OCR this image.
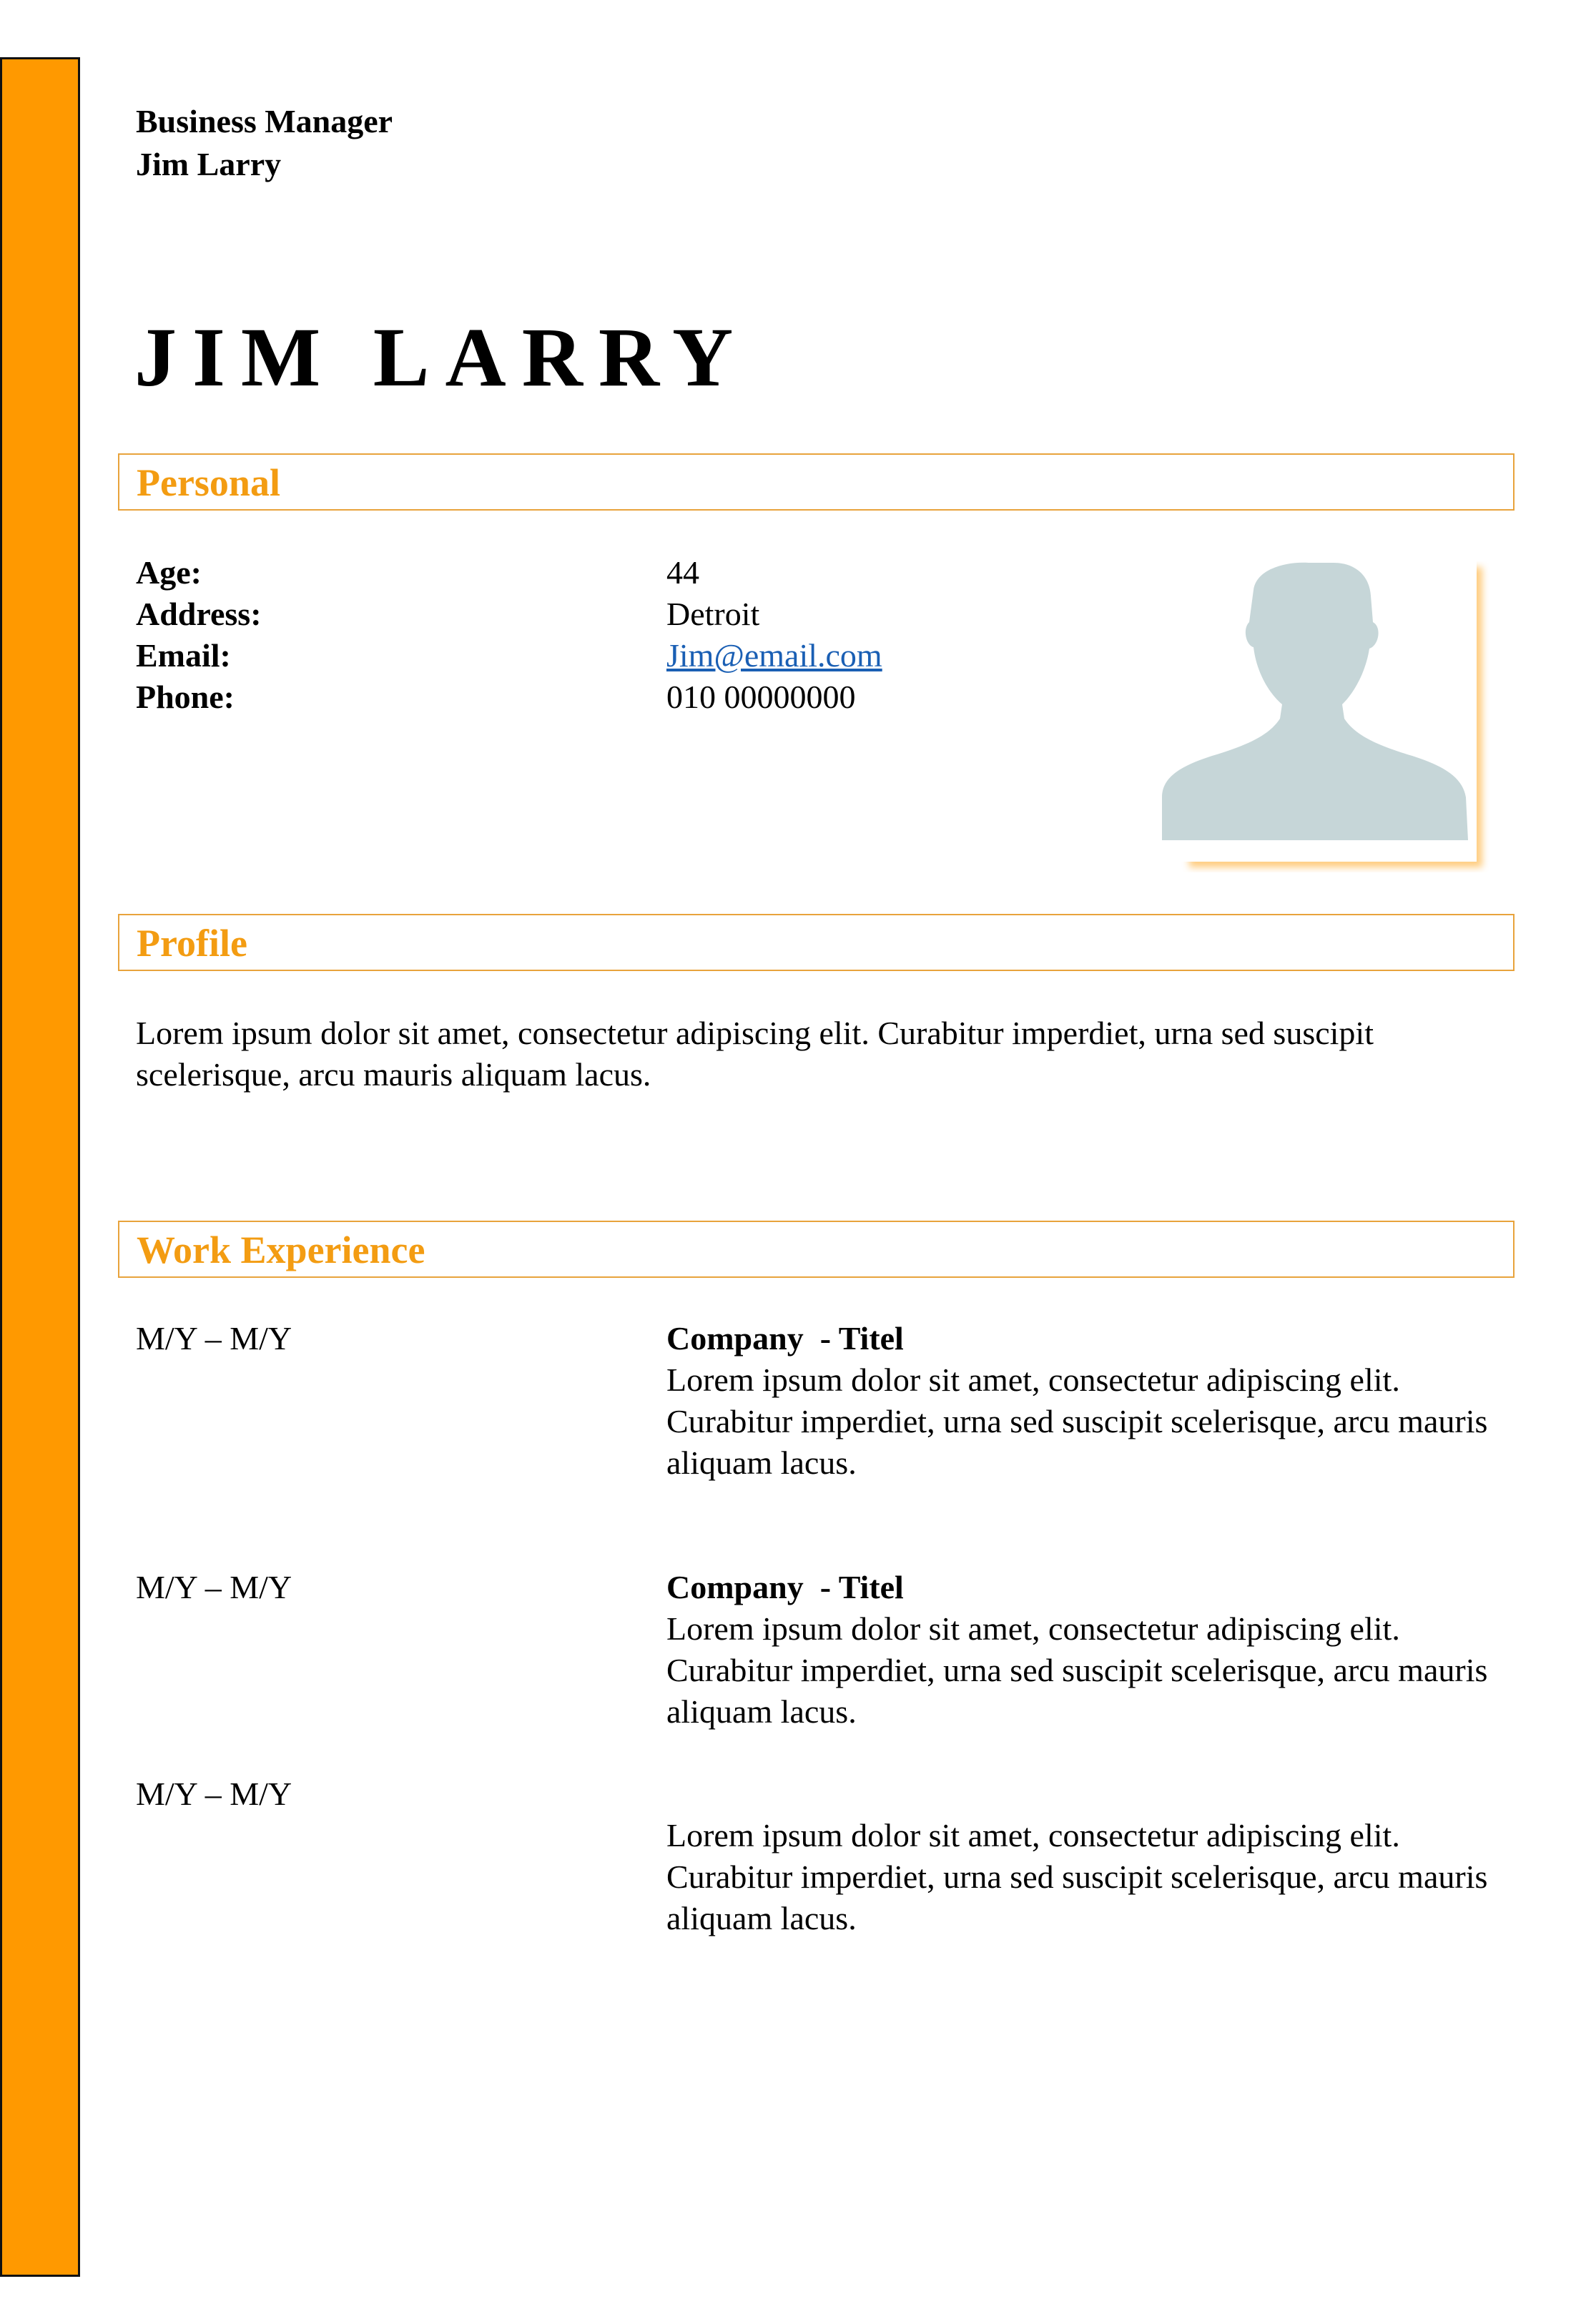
Business Manager
Jim Larry
JIM LARRY
Personal
Age:	44
Address:	Detroit
Email:	Jim@email.com
Phone:	010 00000000
Profile
Lorem ipsum dolor sit amet, consectetur adipiscing elit. Curabitur imperdiet, urna sed suscipit scelerisque, arcu mauris aliquam lacus.
Work Experience
M/Y – M/Y	Company  - Titel
Lorem ipsum dolor sit amet, consectetur adipiscing elit. Curabitur imperdiet, urna sed suscipit scelerisque, arcu mauris aliquam lacus.
M/Y – M/Y	Company  - Titel
Lorem ipsum dolor sit amet, consectetur adipiscing elit. Curabitur imperdiet, urna sed suscipit scelerisque, arcu mauris aliquam lacus.
M/Y – M/Y
Lorem ipsum dolor sit amet, consectetur adipiscing elit. Curabitur imperdiet, urna sed suscipit scelerisque, arcu mauris aliquam lacus.
